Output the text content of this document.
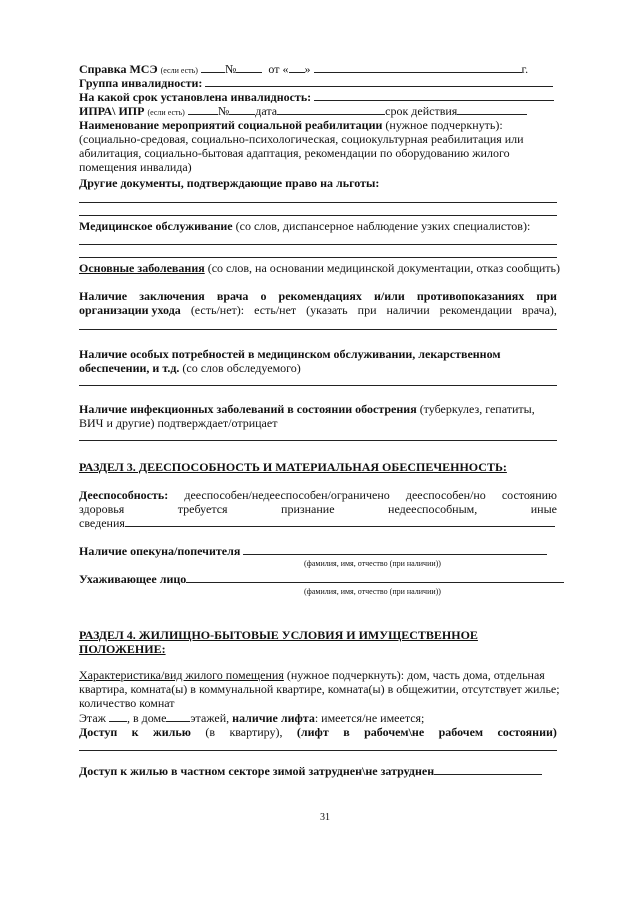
Справка МСЭ (если есть) №	от « »	г.
Группа инвалидности:
На какой срок установлена инвалидность:
ИПРА\ ИПР (если есть)	№ дата	срок действия
Наименование мероприятий социальной реабилитации (нужное подчеркнуть):
(социально-средовая, социально-психологическая, социокультурная реабилитация или
абилитация, социально-бытовая адаптация, рекомендации по оборудованию жилого
помещения инвалида)
Другие документы, подтверждающие право на льготы:
Медицинское обслуживание (со слов, диспансерное наблюдение узких специалистов):
Основные заболевания (со слов, на основании медицинской документации, отказ сообщить)
Наличие заключения врача о рекомендациях и/или противопоказаниях при
организации ухода (есть/нет): есть/нет (указать при наличии рекомендации врача),
Наличие особых потребностей в медицинском обслуживании, лекарственном
обеспечении, и т.д. (со слов обследуемого)
Наличие инфекционных заболеваний в состоянии обострения (туберкулез, гепатиты,
ВИЧ и другие) подтверждает/отрицает
РАЗДЕЛ 3. ДЕЕСПОСОБНОСТЬ И МАТЕРИАЛЬНАЯ ОБЕСПЕЧЕННОСТЬ:
Дееспособность: дееспособен/недееспособен/ограничено дееспособен/но состоянию
здоровья	требуется	признание	недееспособным,	иные
сведения
Наличие опекуна/попечителя
(фамилия, имя, отчество (при наличии))
Ухаживающее лицо
(фамилия, имя, отчество (при наличии))
РАЗДЕЛ 4. ЖИЛИЩНО-БЫТОВЫЕ УСЛОВИЯ И ИМУЩЕСТВЕННОЕ
ПОЛОЖЕНИЕ:
Характеристика/вид жилого помещения (нужное подчеркнуть): дом, часть дома, отдельная
квартира, комната(ы) в коммунальной квартире, комната(ы) в общежитии, отсутствует жилье;
количество комнат
Этаж , в доме этажей, наличие лифта: имеется/не имеется;
Доступ к жилью (в квартиру), (лифт в рабочем\не рабочем состоянии)
Доступ к жилью в частном секторе зимой затруднен\не затруднен
31
